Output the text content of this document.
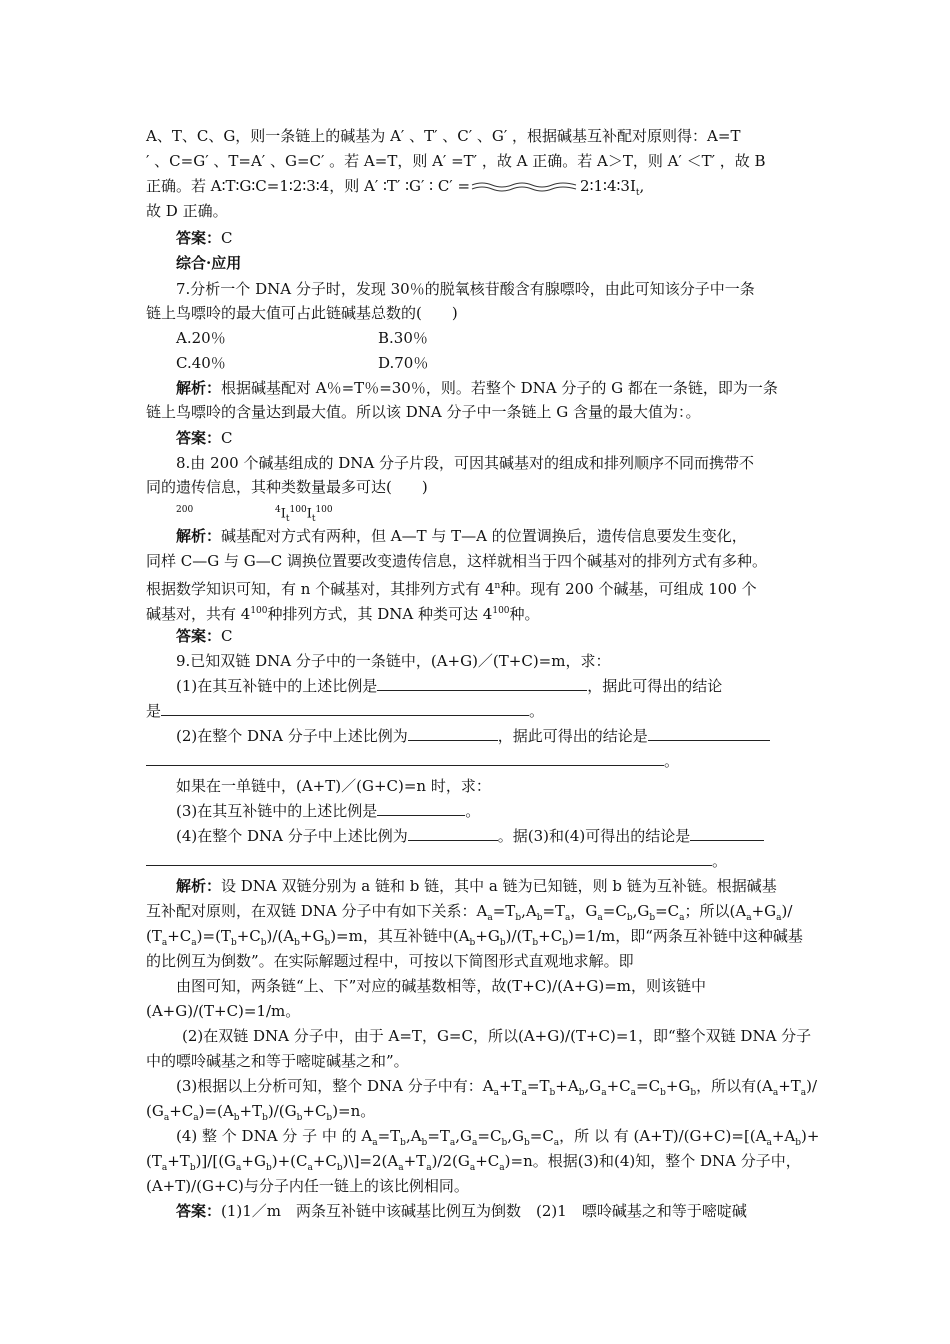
A、T、C、G，则一条链上的碱基为 A′ 、T′ 、C′ 、G′ ，根据碱基互补配对原则得：A=T
′ 、C=G′ 、T=A′ 、G=C′ 。若 A=T，则 A′ =T′ ，故 A 正确。若 A＞T，则 A′ ＜T′ ，故 B
正确。若 A∶T∶G∶C=1∶2∶3∶4，则 A′ ∶T′ ∶G′ ∶ C′ =	$2∶1∶4∶3I_t$,
故 D 正确。
答案：C
综合·应用
7.分析一个 DNA 分子时，发现 30％的脱氧核苷酸含有腺嘌呤，由此可知该分子中一条
链上鸟嘌呤的最大值可占此链碱基总数的(　　)
A.20％	B.30％
C.40％	D.70％
解析：根据碱基配对 A％=T％=30％，则。若整个 DNA 分子的 G 都在一条链，即为一条
链上鸟嘌呤的含量达到最大值。所以该 DNA 分子中一条链上 G 含量的最大值为：。
答案：C
8.由 200 个碱基组成的 DNA 分子片段，可因其碱基对的组成和排列顺序不同而携带不
同的遗传信息，其种类数量最多可达(　　)
200	$^4I_t^{100}I_t^{100}$
解析：碱基配对方式有两种，但 A—T 与 T—A 的位置调换后，遗传信息要发生变化，
同样 C—G 与 G—C 调换位置要改变遗传信息，这样就相当于四个碱基对的排列方式有多种。
根据数学知识可知，有 n 个碱基对，其排列方式有 4$^n$种。现有 200 个碱基，可组成 100 个
碱基对，共有 $4^{100}$种排列方式，其 DNA 种类可达 $4^{100}$种。
答案：C
9.已知双链 DNA 分子中的一条链中，(A+G)／(T+C)=m，求：
(1)在其互补链中的上述比例是	，据此可得出的结论
是	。
(2)在整个 DNA 分子中上述比例为	，据此可得出的结论是
。
如果在一单链中，(A+T)／(G+C)=n 时，求：
(3)在其互补链中的上述比例是	。
(4)在整个 DNA 分子中上述比例为	。据(3)和(4)可得出的结论是
。
解析：设 DNA 双链分别为 a 链和 b 链，其中 a 链为已知链，则 b 链为互补链。根据碱基
互补配对原则，在双链 DNA 分子中有如下关系：$A_a=T_b,A_b=T_a$，$G_a=C_b,G_b=C_a$；所以$(A_a+G_a)/$
$(T_a+C_a)=(T_b+C_b)/(A_b+G_b)=m$，其互补链中$(A_b+G_b)/(T_b+C_b)=1/m$，即“两条互补链中这种碱基
的比例互为倒数”。在实际解题过程中，可按以下简图形式直观地求解。即
由图可知，两条链“上、下”对应的碱基数相等，故(T+C)/(A+G)=m，则该链中
(A+G)/(T+C)=1/m。
(2)在双链 DNA 分子中，由于 A=T，G=C，所以(A+G)/(T+C)=1，即“整个双链 DNA 分子
中的嘌呤碱基之和等于嘧啶碱基之和”。
(3)根据以上分析可知，整个 DNA 分子中有：$A_a+T_a=T_b+A_b,G_a+C_a=C_b+G_b$，所以有$(A_a+T_a)/$
$(G_a+C_a)=(A_b+T_b)/(G_b+C_b)=n$。
(4) 整 个 DNA 分 子 中 的 $A_a=T_b,A_b=T_a,G_a=C_b,G_b=C_a$，所 以 有 $(A+T)/(G+C)=[(A_a+A_b)+$
$(T_a+T_b)]/[(G_a+G_b)+(C_a+C_b)\backslash]=2(A_a+T_a)/2(G_a+C_a)=n$。根据(3)和(4)知，整个 DNA 分子中，
(A+T)/(G+C)与分子内任一链上的该比例相同。
答案：(1)1／m　两条互补链中该碱基比例互为倒数　(2)1　嘌呤碱基之和等于嘧啶碱
